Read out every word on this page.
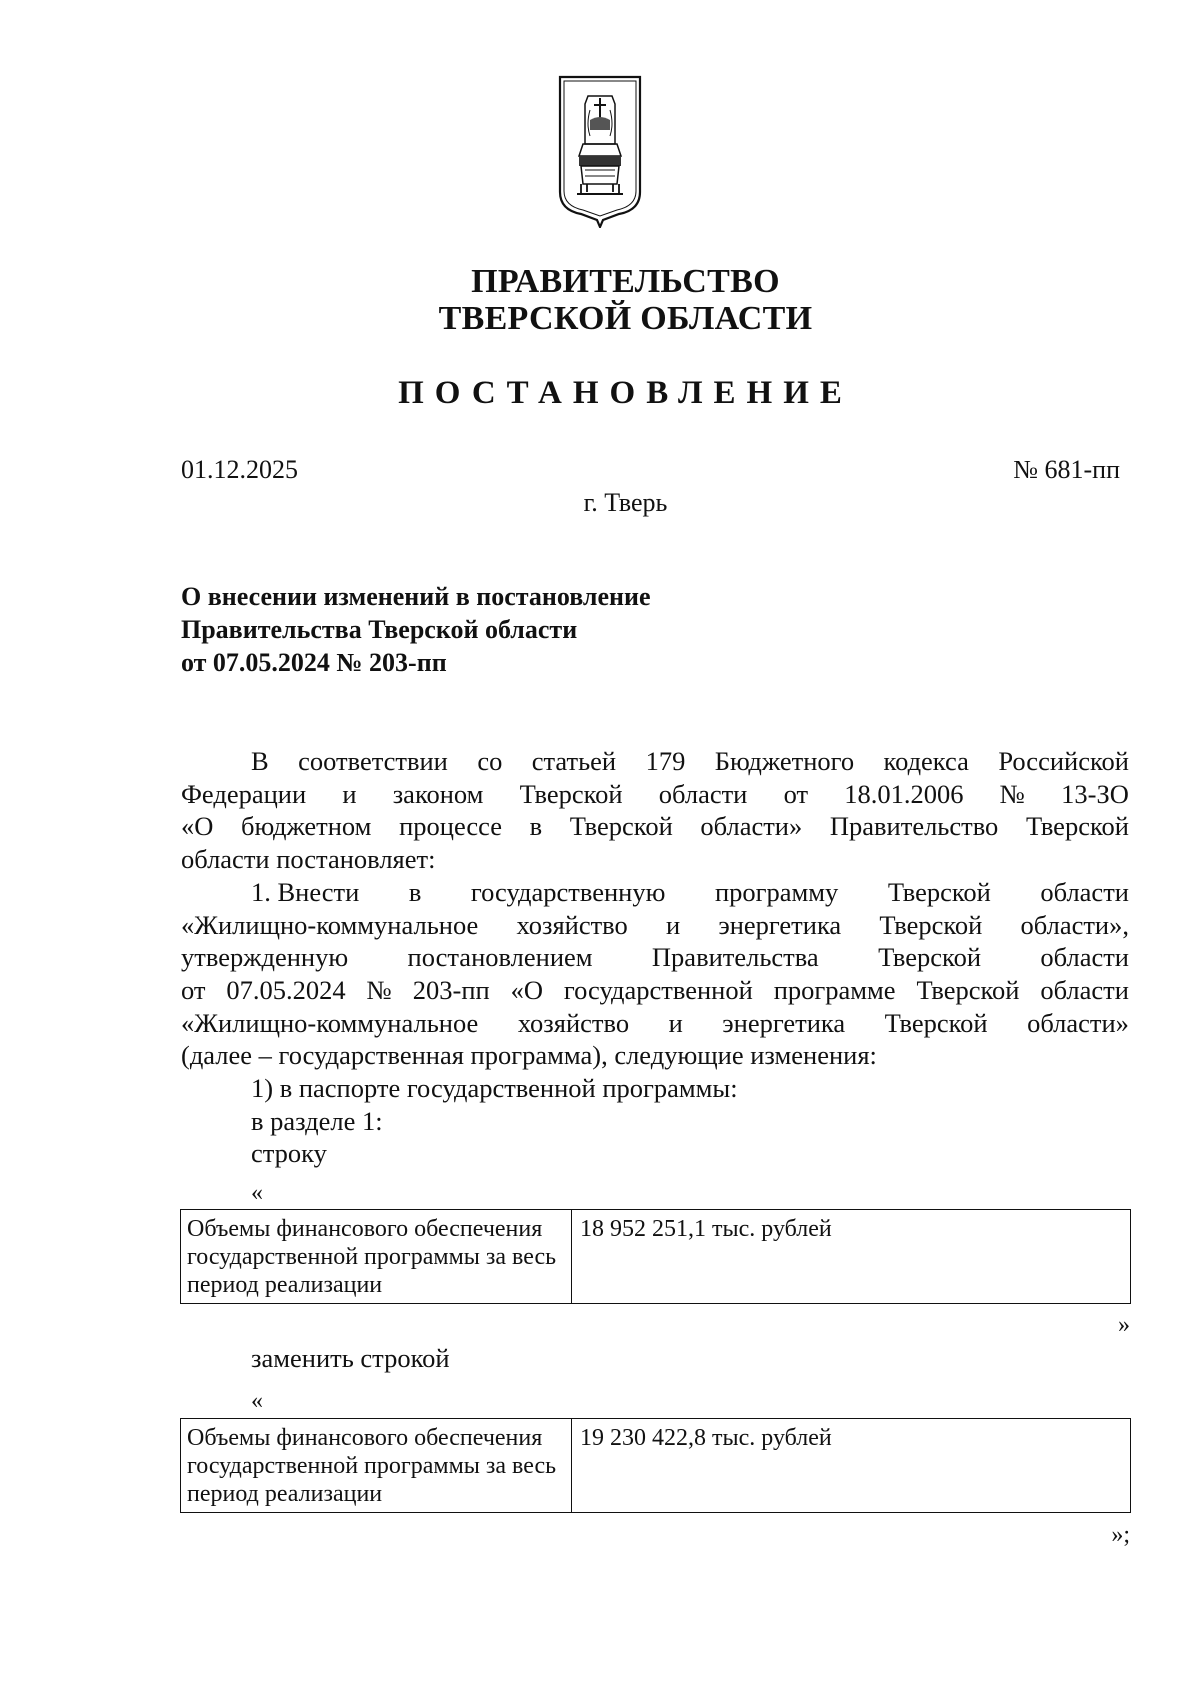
ПРАВИТЕЛЬСТВО
ТВЕРСКОЙ ОБЛАСТИ
ПОСТАНОВЛЕНИЕ
01.12.2025	№ 681-пп
г. Тверь
О внесении изменений в постановление
Правительства Тверской области
от 07.05.2024 № 203-пп
В соответствии со статьей 179 Бюджетного кодекса Российской
Федерации и законом Тверской области от 18.01.2006 № 13-ЗО
«О бюджетном процессе в Тверской области» Правительство Тверской
области постановляет:
1. Внести в государственную программу Тверской области
«Жилищно-коммунальное хозяйство и энергетика Тверской области»,
утвержденную постановлением Правительства Тверской области
от 07.05.2024 № 203-пп «О государственной программе Тверской области
«Жилищно-коммунальное хозяйство и энергетика Тверской области»
(далее – государственная программа), следующие изменения:
1) в паспорте государственной программы:
в разделе 1:
строку
«
Объемы финансового обеспечения
государственной программы за весь
период реализации
18 952 251,1 тыс. рублей
»
заменить строкой
«
Объемы финансового обеспечения
государственной программы за весь
период реализации
19 230 422,8 тыс. рублей
»;
